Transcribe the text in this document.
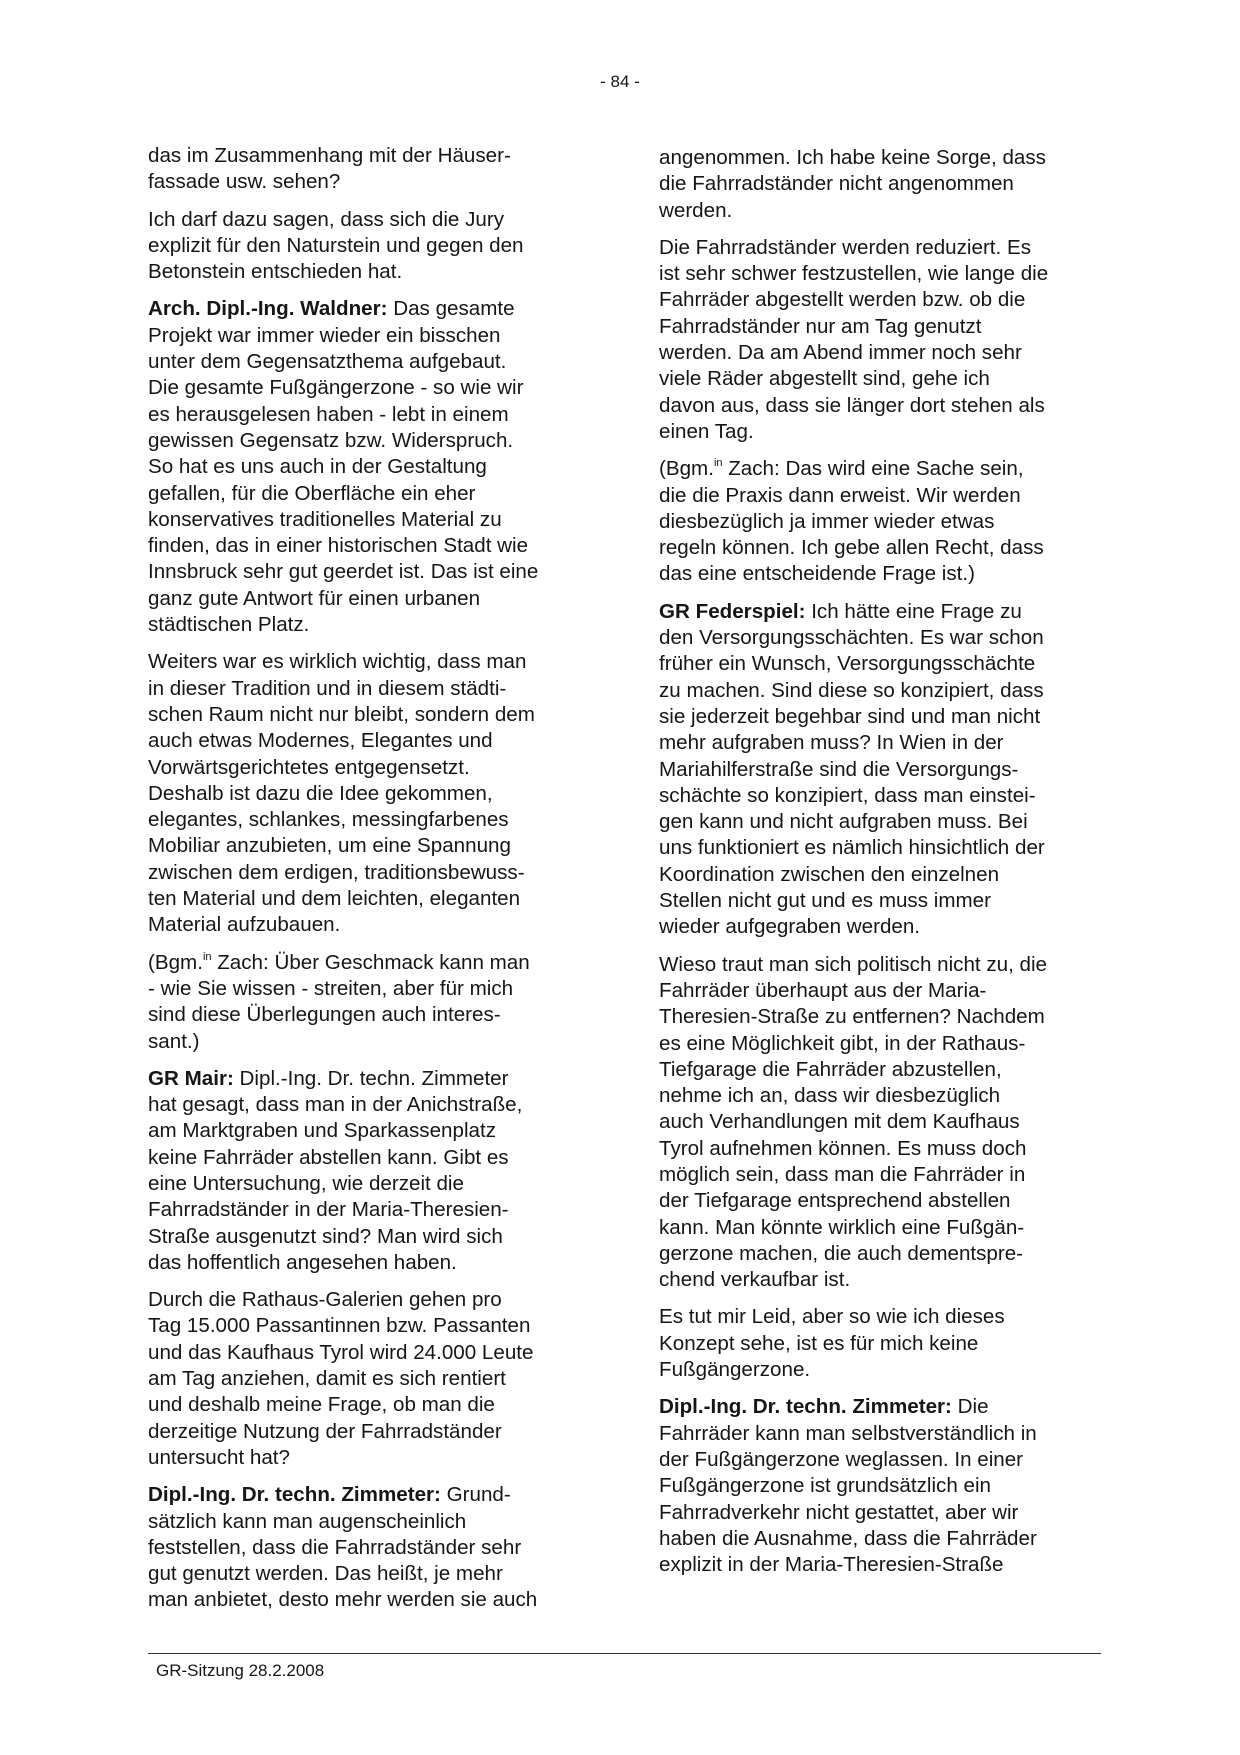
- 84 -

das im Zusammenhang mit der Häuser-
fassade usw. sehen?

Ich darf dazu sagen, dass sich die Jury
explizit für den Naturstein und gegen den
Betonstein entschieden hat.

Arch. Dipl.-Ing. Waldner: Das gesamte
Projekt war immer wieder ein bisschen
unter dem Gegensatzthema aufgebaut.
Die gesamte Fußgängerzone - so wie wir
es herausgelesen haben - lebt in einem
gewissen Gegensatz bzw. Widerspruch.
So hat es uns auch in der Gestaltung
gefallen, für die Oberfläche ein eher
konservatives traditionelles Material zu
finden, das in einer historischen Stadt wie
Innsbruck sehr gut geerdet ist. Das ist eine
ganz gute Antwort für einen urbanen
städtischen Platz.

Weiters war es wirklich wichtig, dass man
in dieser Tradition und in diesem städti-
schen Raum nicht nur bleibt, sondern dem
auch etwas Modernes, Elegantes und
Vorwärtsgerichtetes entgegensetzt.
Deshalb ist dazu die Idee gekommen,
elegantes, schlankes, messingfarbenes
Mobiliar anzubieten, um eine Spannung
zwischen dem erdigen, traditionsbewuss-
ten Material und dem leichten, eleganten
Material aufzubauen.

(Bgm.$^{in}$ Zach: Über Geschmack kann man
- wie Sie wissen - streiten, aber für mich
sind diese Überlegungen auch interes-
sant.)

GR Mair: Dipl.-Ing. Dr. techn. Zimmeter
hat gesagt, dass man in der Anichstraße,
am Marktgraben und Sparkassenplatz
keine Fahrräder abstellen kann. Gibt es
eine Untersuchung, wie derzeit die
Fahrradständer in der Maria-Theresien-
Straße ausgenutzt sind? Man wird sich
das hoffentlich angesehen haben.

Durch die Rathaus-Galerien gehen pro
Tag 15.000 Passantinnen bzw. Passanten
und das Kaufhaus Tyrol wird 24.000 Leute
am Tag anziehen, damit es sich rentiert
und deshalb meine Frage, ob man die
derzeitige Nutzung der Fahrradständer
untersucht hat?

Dipl.-Ing. Dr. techn. Zimmeter: Grund-
sätzlich kann man augenscheinlich
feststellen, dass die Fahrradständer sehr
gut genutzt werden. Das heißt, je mehr
man anbietet, desto mehr werden sie auch

angenommen. Ich habe keine Sorge, dass
die Fahrradständer nicht angenommen
werden.

Die Fahrradständer werden reduziert. Es
ist sehr schwer festzustellen, wie lange die
Fahrräder abgestellt werden bzw. ob die
Fahrradständer nur am Tag genutzt
werden. Da am Abend immer noch sehr
viele Räder abgestellt sind, gehe ich
davon aus, dass sie länger dort stehen als
einen Tag.

(Bgm.$^{in}$ Zach: Das wird eine Sache sein,
die die Praxis dann erweist. Wir werden
diesbezüglich ja immer wieder etwas
regeln können. Ich gebe allen Recht, dass
das eine entscheidende Frage ist.)

GR Federspiel: Ich hätte eine Frage zu
den Versorgungsschächten. Es war schon
früher ein Wunsch, Versorgungsschächte
zu machen. Sind diese so konzipiert, dass
sie jederzeit begehbar sind und man nicht
mehr aufgraben muss? In Wien in der
Mariahilferstraße sind die Versorgungs-
schächte so konzipiert, dass man einstei-
gen kann und nicht aufgraben muss. Bei
uns funktioniert es nämlich hinsichtlich der
Koordination zwischen den einzelnen
Stellen nicht gut und es muss immer
wieder aufgegraben werden.

Wieso traut man sich politisch nicht zu, die
Fahrräder überhaupt aus der Maria-
Theresien-Straße zu entfernen? Nachdem
es eine Möglichkeit gibt, in der Rathaus-
Tiefgarage die Fahrräder abzustellen,
nehme ich an, dass wir diesbezüglich
auch Verhandlungen mit dem Kaufhaus
Tyrol aufnehmen können. Es muss doch
möglich sein, dass man die Fahrräder in
der Tiefgarage entsprechend abstellen
kann. Man könnte wirklich eine Fußgän-
gerzone machen, die auch dementspre-
chend verkaufbar ist.

Es tut mir Leid, aber so wie ich dieses
Konzept sehe, ist es für mich keine
Fußgängerzone.

Dipl.-Ing. Dr. techn. Zimmeter: Die
Fahrräder kann man selbstverständlich in
der Fußgängerzone weglassen. In einer
Fußgängerzone ist grundsätzlich ein
Fahrradverkehr nicht gestattet, aber wir
haben die Ausnahme, dass die Fahrräder
explizit in der Maria-Theresien-Straße

GR-Sitzung 28.2.2008
